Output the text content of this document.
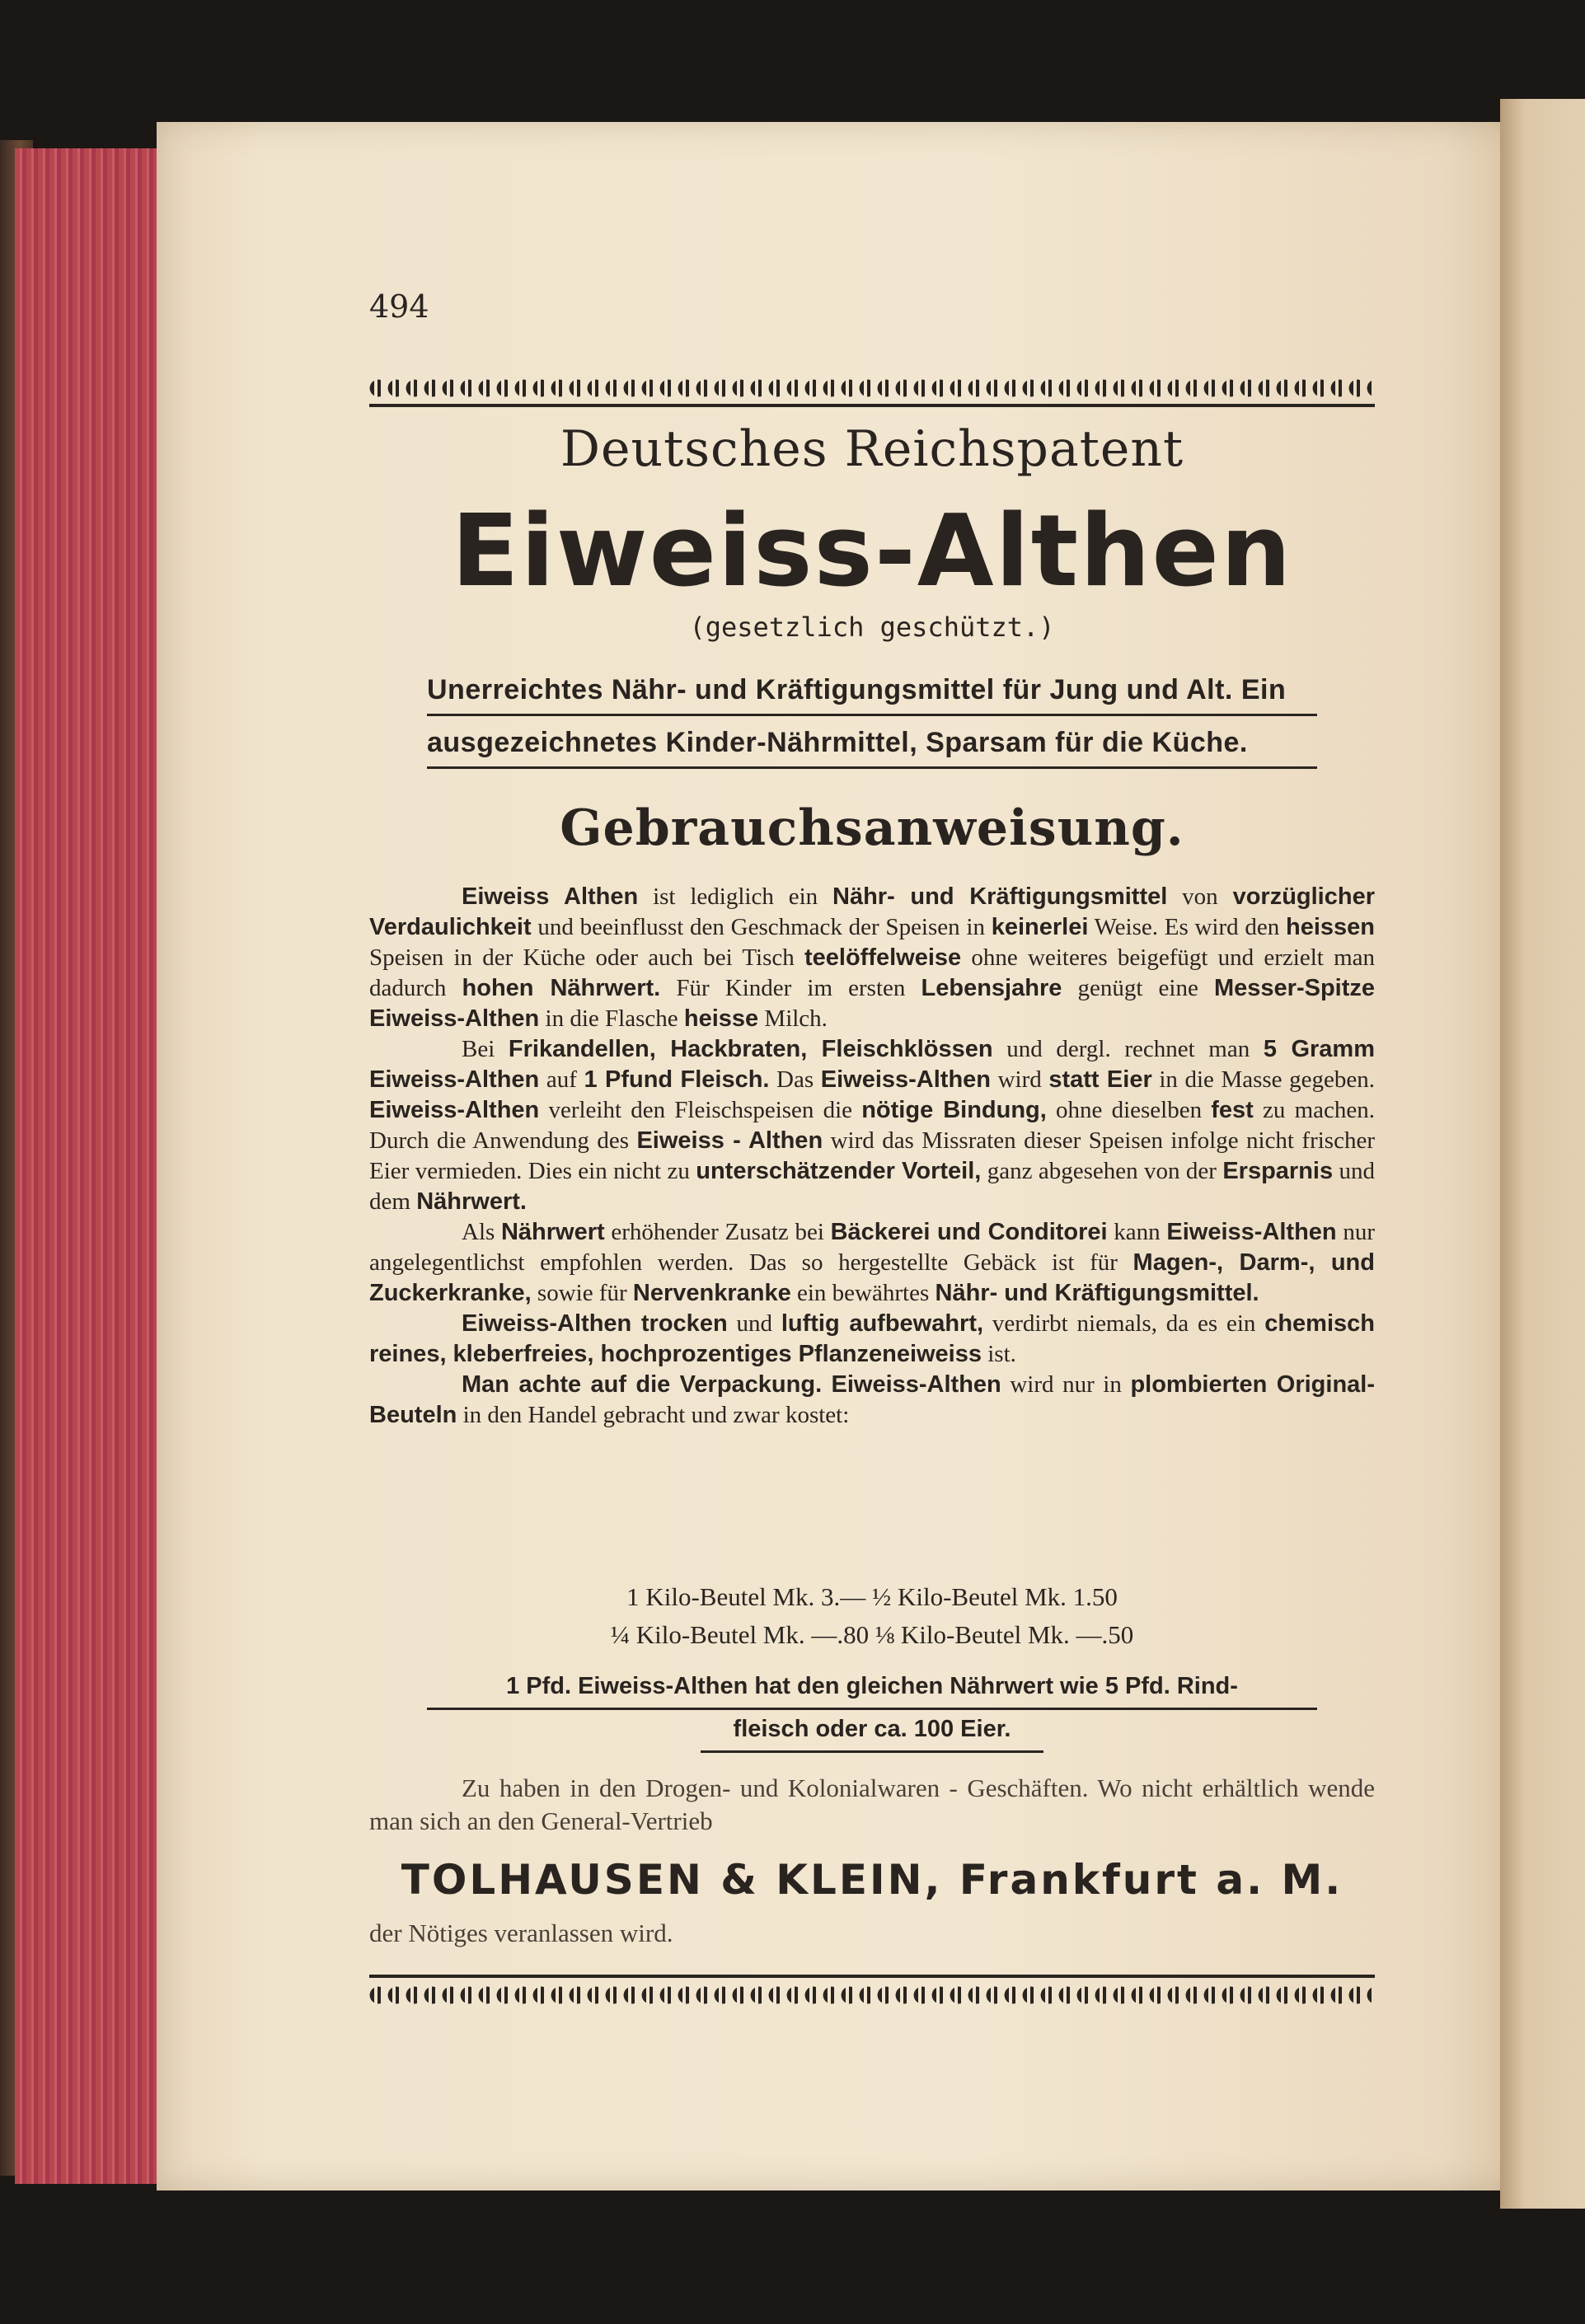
494
Deutsches Reichspatent
Eiweiss-Althen
(gesetzlich geschützt.)
Unerreichtes Nähr- und Kräftigungsmittel für Jung und Alt. Ein
ausgezeichnetes Kinder-Nährmittel, Sparsam für die Küche.
Gebrauchsanweisung.

Eiweiss Althen ist lediglich ein Nähr- und Kräftigungsmittel von vorzüglicher Verdaulichkeit und beeinflusst den Geschmack der Speisen in keinerlei Weise. Es wird den heissen Speisen in der Küche oder auch bei Tisch teelöffelweise ohne weiteres beigefügt und erzielt man dadurch hohen Nährwert. Für Kinder im ersten Lebensjahre genügt eine Messer-Spitze Eiweiss-Althen in die Flasche heisse Milch.

Bei Frikandellen, Hackbraten, Fleischklössen und dergl. rechnet man 5 Gramm Eiweiss-Althen auf 1 Pfund Fleisch. Das Eiweiss-Althen wird statt Eier in die Masse gegeben. Eiweiss-Althen verleiht den Fleischspeisen die nötige Bindung, ohne dieselben fest zu machen. Durch die Anwendung des Eiweiss - Althen wird das Missraten dieser Speisen infolge nicht frischer Eier vermieden. Dies ein nicht zu unterschätzender Vorteil, ganz abgesehen von der Ersparnis und dem Nährwert.

Als Nährwert erhöhender Zusatz bei Bäckerei und Conditorei kann Eiweiss-Althen nur angelegentlichst empfohlen werden. Das so hergestellte Gebäck ist für Magen-, Darm-, und Zuckerkranke, sowie für Nervenkranke ein bewährtes Nähr- und Kräftigungsmittel.

Eiweiss-Althen trocken und luftig aufbewahrt, verdirbt niemals, da es ein chemisch reines, kleberfreies, hochprozentiges Pflanzeneiweiss ist.

Man achte auf die Verpackung. Eiweiss-Althen wird nur in plombierten Original-Beuteln in den Handel gebracht und zwar kostet:

1 Kilo-Beutel Mk. 3.— ½ Kilo-Beutel Mk. 1.50
¼ Kilo-Beutel Mk. —.80 ⅛ Kilo-Beutel Mk. —.50
1 Pfd. Eiweiss-Althen hat den gleichen Nährwert wie 5 Pfd. Rind-
fleisch oder ca. 100 Eier.

Zu haben in den Drogen- und Kolonialwaren - Geschäften. Wo nicht erhältlich wende man sich an den General-Vertrieb

TOLHAUSEN & KLEIN, Frankfurt a. M.
der Nötiges veranlassen wird.
